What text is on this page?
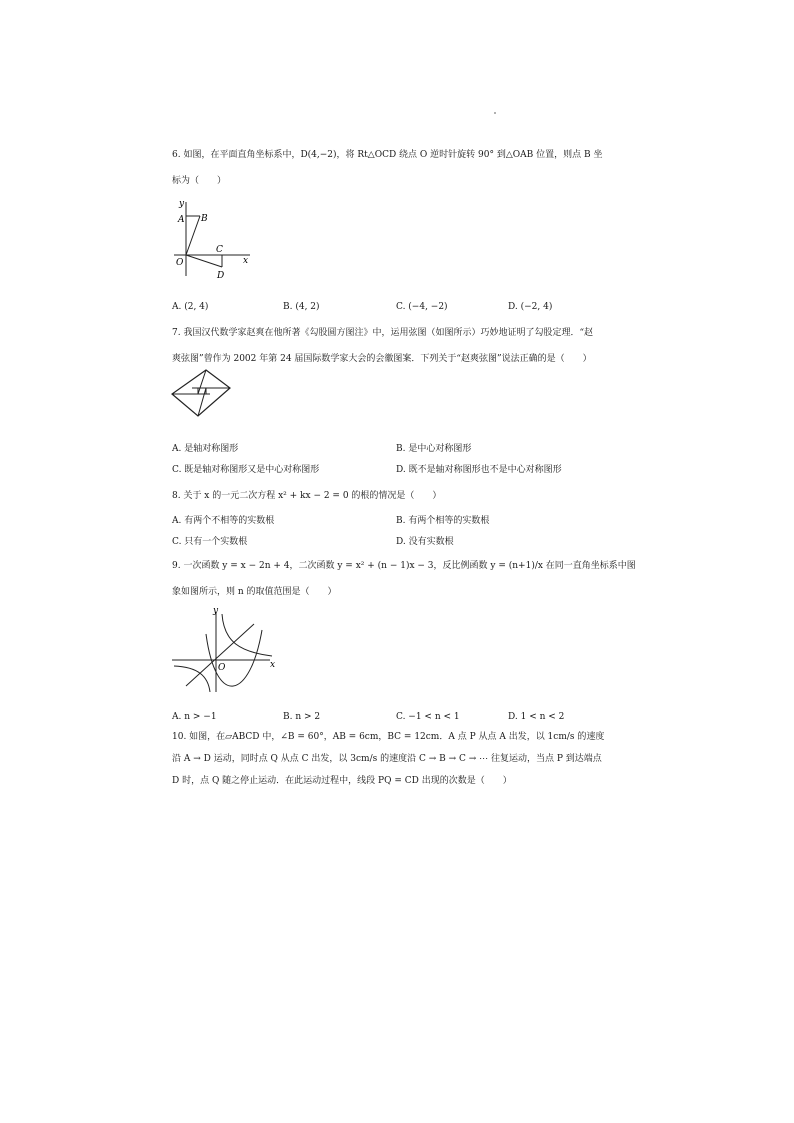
6. 如图，在平面直角坐标系中，D(4,−2)，将 Rt△OCD 绕点 O 逆时针旋转 90° 到△OAB 位置，则点 B 坐
标为（　　）
y
A B
C
O
D
x
A. (2, 4)	B. (4, 2)	C. (−4, −2)	D. (−2, 4)
7. 我国汉代数学家赵爽在他所著《勾股圆方图注》中，运用弦图（如图所示）巧妙地证明了勾股定理．“赵
爽弦图”曾作为 2002 年第 24 届国际数学家大会的会徽图案．下列关于“赵爽弦图”说法正确的是（　　）
A. 是轴对称图形	B. 是中心对称图形
C. 既是轴对称图形又是中心对称图形	D. 既不是轴对称图形也不是中心对称图形
8. 关于 x 的一元二次方程 x² + kx − 2 = 0 的根的情况是（　　）
A. 有两个不相等的实数根	B. 有两个相等的实数根
C. 只有一个实数根	D. 没有实数根
9. 一次函数 y = x − 2n + 4，二次函数 y = x² + (n − 1)x − 3，反比例函数 y = (n+1)/x 在同一直角坐标系中图
象如图所示，则 n 的取值范围是（　　）
y
O	x
A. n > −1	B. n > 2	C. −1 < n < 1	D. 1 < n < 2
10. 如图，在▱ABCD 中，∠B = 60°，AB = 6cm，BC = 12cm．A 点 P 从点 A 出发，以 1cm/s 的速度
沿 A → D 运动，同时点 Q 从点 C 出发，以 3cm/s 的速度沿 C → B → C → ⋯ 往复运动，当点 P 到达端点
D 时，点 Q 随之停止运动．在此运动过程中，线段 PQ = CD 出现的次数是（　　）
